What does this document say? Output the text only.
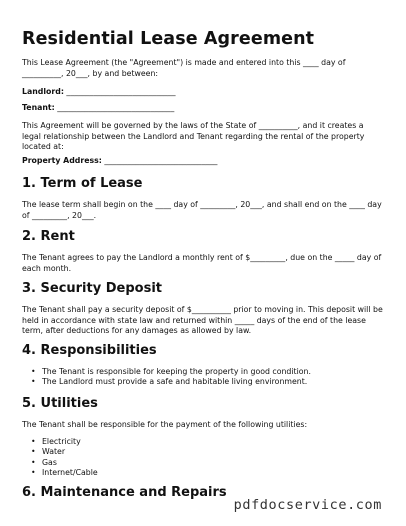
Residential Lease Agreement

This Lease Agreement (the "Agreement") is made and entered into this ____ day of __________, 20___, by and between:

Landlord: ____________________________

Tenant: ______________________________

This Agreement will be governed by the laws of the State of __________, and it creates a legal relationship between the Landlord and Tenant regarding the rental of the property located at:

Property Address: _____________________________

1. Term of Lease

The lease term shall begin on the ____ day of _________, 20___, and shall end on the ____ day of _________, 20___.

2. Rent

The Tenant agrees to pay the Landlord a monthly rent of $_________, due on the _____ day of each month.

3. Security Deposit

The Tenant shall pay a security deposit of $__________ prior to moving in. This deposit will be held in accordance with state law and returned within _____ days of the end of the lease term, after deductions for any damages as allowed by law.

4. Responsibilities
• The Tenant is responsible for keeping the property in good condition.
• The Landlord must provide a safe and habitable living environment.
5. Utilities

The Tenant shall be responsible for the payment of the following utilities:

• Electricity
• Water
• Gas
• Internet/Cable
6. Maintenance and Repairs
pdfdocservice.com
